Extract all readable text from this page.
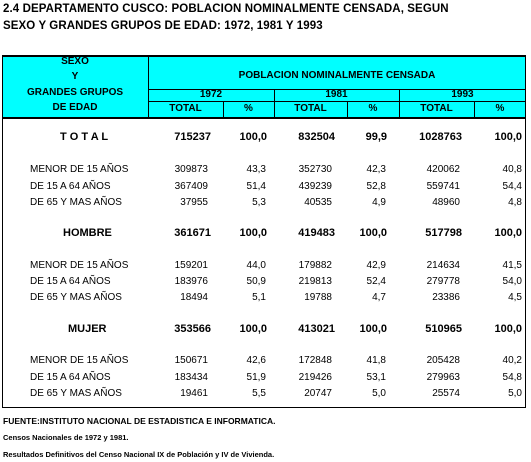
2.4 DEPARTAMENTO CUSCO: POBLACION NOMINALMENTE CENSADA, SEGUN
SEXO Y GRANDES GRUPOS DE EDAD: 1972, 1981 Y 1993
SEXO
Y
GRANDES GRUPOS
DE EDAD
POBLACION NOMINALMENTE CENSADA
1972	1981	1993
TOTAL	%	TOTAL	%	TOTAL	%
T O T A L	715237	100,0	832504	99,9	1028763	100,0
MENOR DE 15 AÑOS	309873	43,3	352730	42,3	420062	40,8
DE 15 A 64 AÑOS	367409	51,4	439239	52,8	559741	54,4
DE 65 Y MAS AÑOS	37955	5,3	40535	4,9	48960	4,8
HOMBRE	361671	100,0	419483 100,0	517798	100,0
MENOR DE 15 AÑOS	159201	44,0	179882	42,9	214634	41,5
DE 15 A 64 AÑOS	183976	50,9	219813	52,4	279778	54,0
DE 65 Y MAS AÑOS	18494	5,1	19788	4,7	23386	4,5
MUJER	353566	100,0	413021 100,0	510965	100,0
MENOR DE 15 AÑOS	150671	42,6	172848	41,8	205428	40,2
DE 15 A 64 AÑOS	183434	51,9	219426	53,1	279963	54,8
DE 65 Y MAS AÑOS	19461	5,5	20747	5,0	25574	5,0
FUENTE:INSTITUTO NACIONAL DE ESTADISTICA E INFORMATICA.
Censos Nacionales de 1972 y 1981.
Resultados Definitivos del Censo Nacional IX de Población y IV de Vivienda.
